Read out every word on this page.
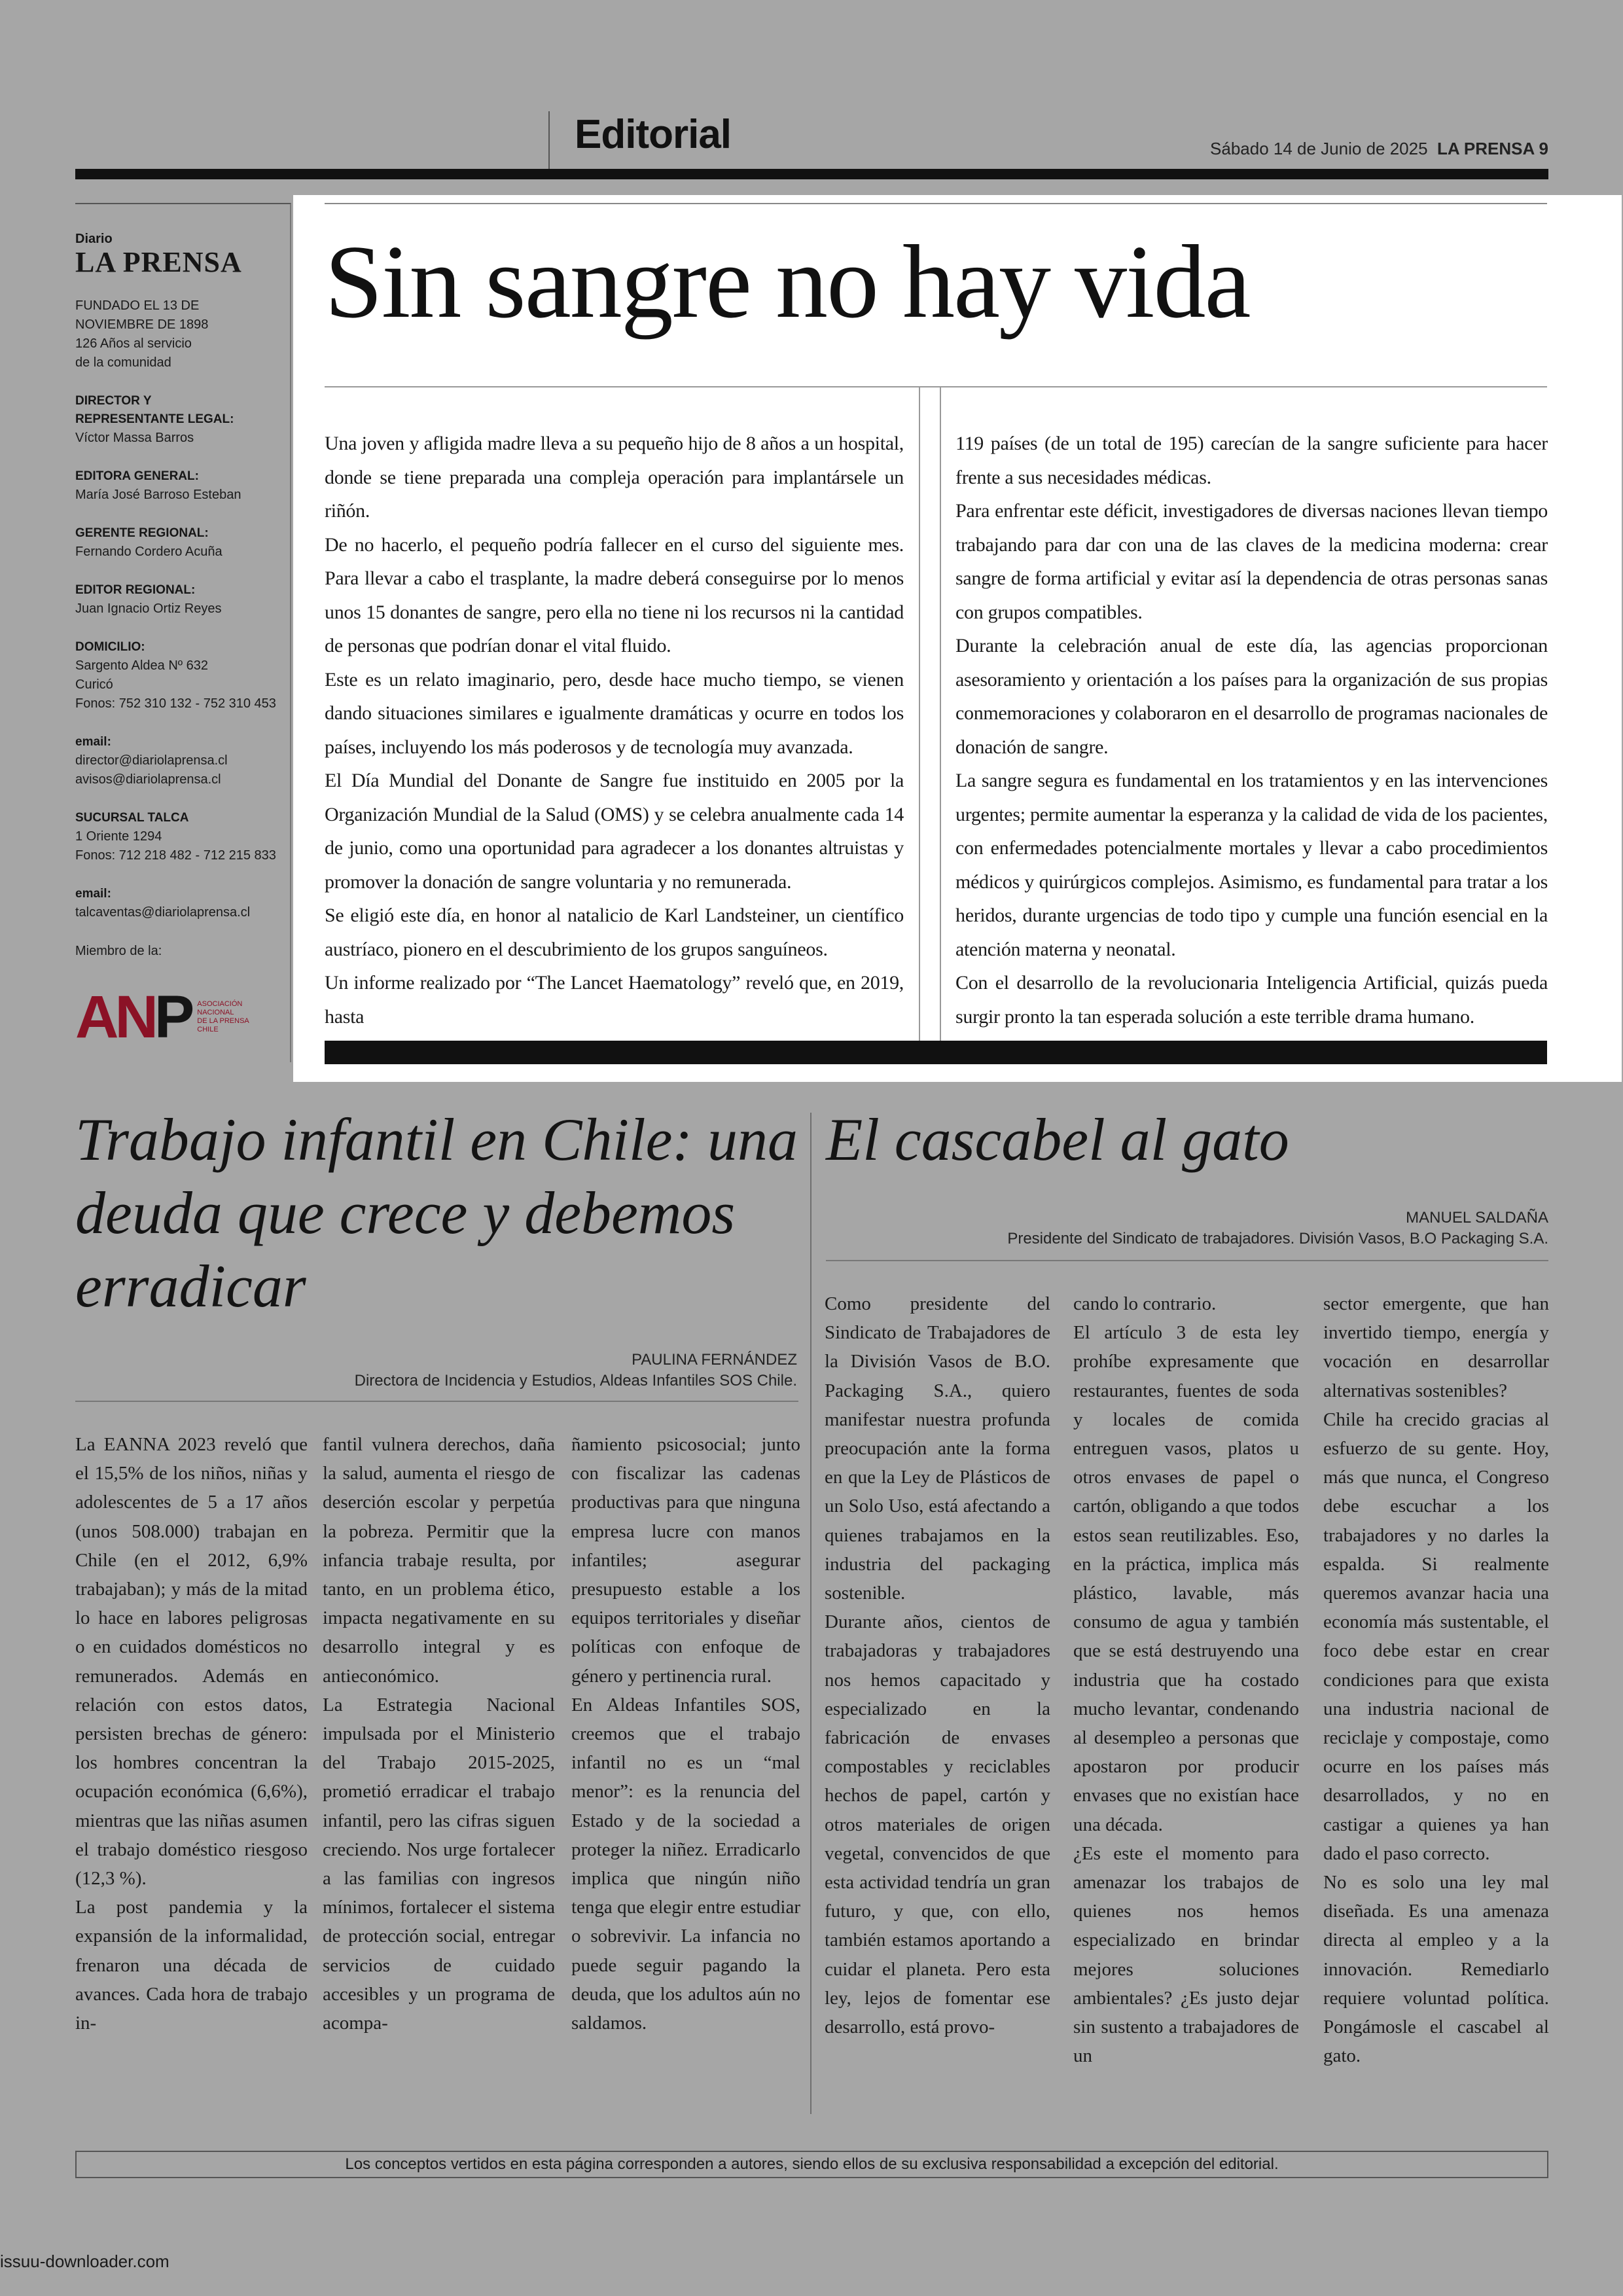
Editorial	Sábado 14 de Junio de 2025 LA PRENSA 9
Diario
LA PRENSA
FUNDADO EL 13 DE
NOVIEMBRE DE 1898
126 Años al servicio
de la comunidad
DIRECTOR Y
REPRESENTANTE LEGAL:
Víctor Massa Barros
EDITORA GENERAL:
María José Barroso Esteban
GERENTE REGIONAL:
Fernando Cordero Acuña
EDITOR REGIONAL:
Juan Ignacio Ortiz Reyes
DOMICILIO:
Sargento Aldea Nº 632
Curicó
Fonos: 752 310 132 - 752 310 453
email:
director@diariolaprensa.cl
avisos@diariolaprensa.cl
SUCURSAL TALCA
1 Oriente 1294
Fonos: 712 218 482 - 712 215 833
email:
talcaventas@diariolaprensa.cl
Miembro de la:
ANP ASOCIACIÓN
NACIONAL
DE LA PRENSA
CHILE
Sin sangre no hay vida

Una joven y afligida madre lleva a su pequeño hijo de 8 años a un hospital, donde se tiene preparada una compleja operación para implantársele un riñón.

De no hacerlo, el pequeño podría fallecer en el curso del siguiente mes. Para llevar a cabo el trasplante, la madre deberá conseguirse por lo menos unos 15 donantes de sangre, pero ella no tiene ni los recursos ni la cantidad de personas que podrían donar el vital fluido.

Este es un relato imaginario, pero, desde hace mucho tiempo, se vienen dando situaciones similares e igualmente dramáticas y ocurre en todos los países, incluyendo los más poderosos y de tecnología muy avanzada.

El Día Mundial del Donante de Sangre fue instituido en 2005 por la Organización Mundial de la Salud (OMS) y se celebra anualmente cada 14 de junio, como una oportunidad para agradecer a los donantes altruistas y promover la donación de sangre voluntaria y no remunerada.

Se eligió este día, en honor al natalicio de Karl Landsteiner, un científico austríaco, pionero en el descubrimiento de los grupos sanguíneos.

Un informe realizado por “The Lancet Haematology” reveló que, en 2019, hasta

119 países (de un total de 195) carecían de la sangre suficiente para hacer frente a sus necesidades médicas.

Para enfrentar este déficit, investigadores de diversas naciones llevan tiempo trabajando para dar con una de las claves de la medicina moderna: crear sangre de forma artificial y evitar así la dependencia de otras personas sanas con grupos compatibles.

Durante la celebración anual de este día, las agencias proporcionan asesoramiento y orientación a los países para la organización de sus propias conmemoraciones y colaboraron en el desarrollo de programas nacionales de donación de sangre.

La sangre segura es fundamental en los tratamientos y en las intervenciones urgentes; permite aumentar la esperanza y la calidad de vida de los pacientes, con enfermedades potencialmente mortales y llevar a cabo procedimientos médicos y quirúrgicos complejos. Asimismo, es fundamental para tratar a los heridos, durante urgencias de todo tipo y cumple una función esencial en la atención materna y neonatal.

Con el desarrollo de la revolucionaria Inteligencia Artificial, quizás pueda surgir pronto la tan esperada solución a este terrible drama humano.

Trabajo infantil en Chile: una deuda que crece y debemos erradicar
PAULINA FERNÁNDEZ
Directora de Incidencia y Estudios, Aldeas Infantiles SOS Chile.

La EANNA 2023 reveló que el 15,5% de los niños, niñas y adolescentes de 5 a 17 años (unos 508.000) trabajan en Chile (en el 2012, 6,9% trabajaban); y más de la mitad lo hace en labores peligrosas o en cuidados domésticos no remunerados. Además en relación con estos datos, persisten brechas de género: los hombres concentran la ocupación económica (6,6%), mientras que las niñas asumen el trabajo doméstico riesgoso (12,3 %).

La post pandemia y la expansión de la informalidad, frenaron una década de avances. Cada hora de trabajo in-

fantil vulnera derechos, daña la salud, aumenta el riesgo de deserción escolar y perpetúa la pobreza. Permitir que la infancia trabaje resulta, por tanto, en un problema ético, impacta negativamente en su desarrollo integral y es antieconómico.

La Estrategia Nacional impulsada por el Ministerio del Trabajo 2015-2025, prometió erradicar el trabajo infantil, pero las cifras siguen creciendo. Nos urge fortalecer a las familias con ingresos mínimos, fortalecer el sistema de protección social, entregar servicios de cuidado accesibles y un programa de acompa-

ñamiento psicosocial; junto con fiscalizar las cadenas productivas para que ninguna empresa lucre con manos infantiles; asegurar presupuesto estable a los equipos territoriales y diseñar políticas con enfoque de género y pertinencia rural.

En Aldeas Infantiles SOS, creemos que el trabajo infantil no es un “mal menor”: es la renuncia del Estado y de la sociedad a proteger la niñez. Erradicarlo implica que ningún niño tenga que elegir entre estudiar o sobrevivir. La infancia no puede seguir pagando la deuda, que los adultos aún no saldamos.

El cascabel al gato
MANUEL SALDAÑA
Presidente del Sindicato de trabajadores. División Vasos, B.O Packaging S.A.

Como presidente del Sindicato de Trabajadores de la División Vasos de B.O. Packaging S.A., quiero manifestar nuestra profunda preocupación ante la forma en que la Ley de Plásticos de un Solo Uso, está afectando a quienes trabajamos en la industria del packaging sostenible.

Durante años, cientos de trabajadoras y trabajadores nos hemos capacitado y especializado en la fabricación de envases compostables y reciclables hechos de papel, cartón y otros materiales de origen vegetal, convencidos de que esta actividad tendría un gran futuro, y que, con ello, también estamos aportando a cuidar el planeta. Pero esta ley, lejos de fomentar ese desarrollo, está provo-

cando lo contrario.

El artículo 3 de esta ley prohíbe expresamente que restaurantes, fuentes de soda y locales de comida entreguen vasos, platos u otros envases de papel o cartón, obligando a que todos estos sean reutilizables. Eso, en la práctica, implica más plástico, lavable, más consumo de agua y también que se está destruyendo una industria que ha costado mucho levantar, condenando al desempleo a personas que apostaron por producir envases que no existían hace una década.

¿Es este el momento para amenazar los trabajos de quienes nos hemos especializado en brindar mejores soluciones ambientales? ¿Es justo dejar sin sustento a trabajadores de un

sector emergente, que han invertido tiempo, energía y vocación en desarrollar alternativas sostenibles?

Chile ha crecido gracias al esfuerzo de su gente. Hoy, más que nunca, el Congreso debe escuchar a los trabajadores y no darles la espalda. Si realmente queremos avanzar hacia una economía más sustentable, el foco debe estar en crear condiciones para que exista una industria nacional de reciclaje y compostaje, como ocurre en los países más desarrollados, y no en castigar a quienes ya han dado el paso correcto.

No es solo una ley mal diseñada. Es una amenaza directa al empleo y a la innovación. Remediarlo requiere voluntad política. Pongámosle el cascabel al gato.

Los conceptos vertidos en esta página corresponden a autores, siendo ellos de su exclusiva responsabilidad a excepción del editorial.
issuu-downloader.com
